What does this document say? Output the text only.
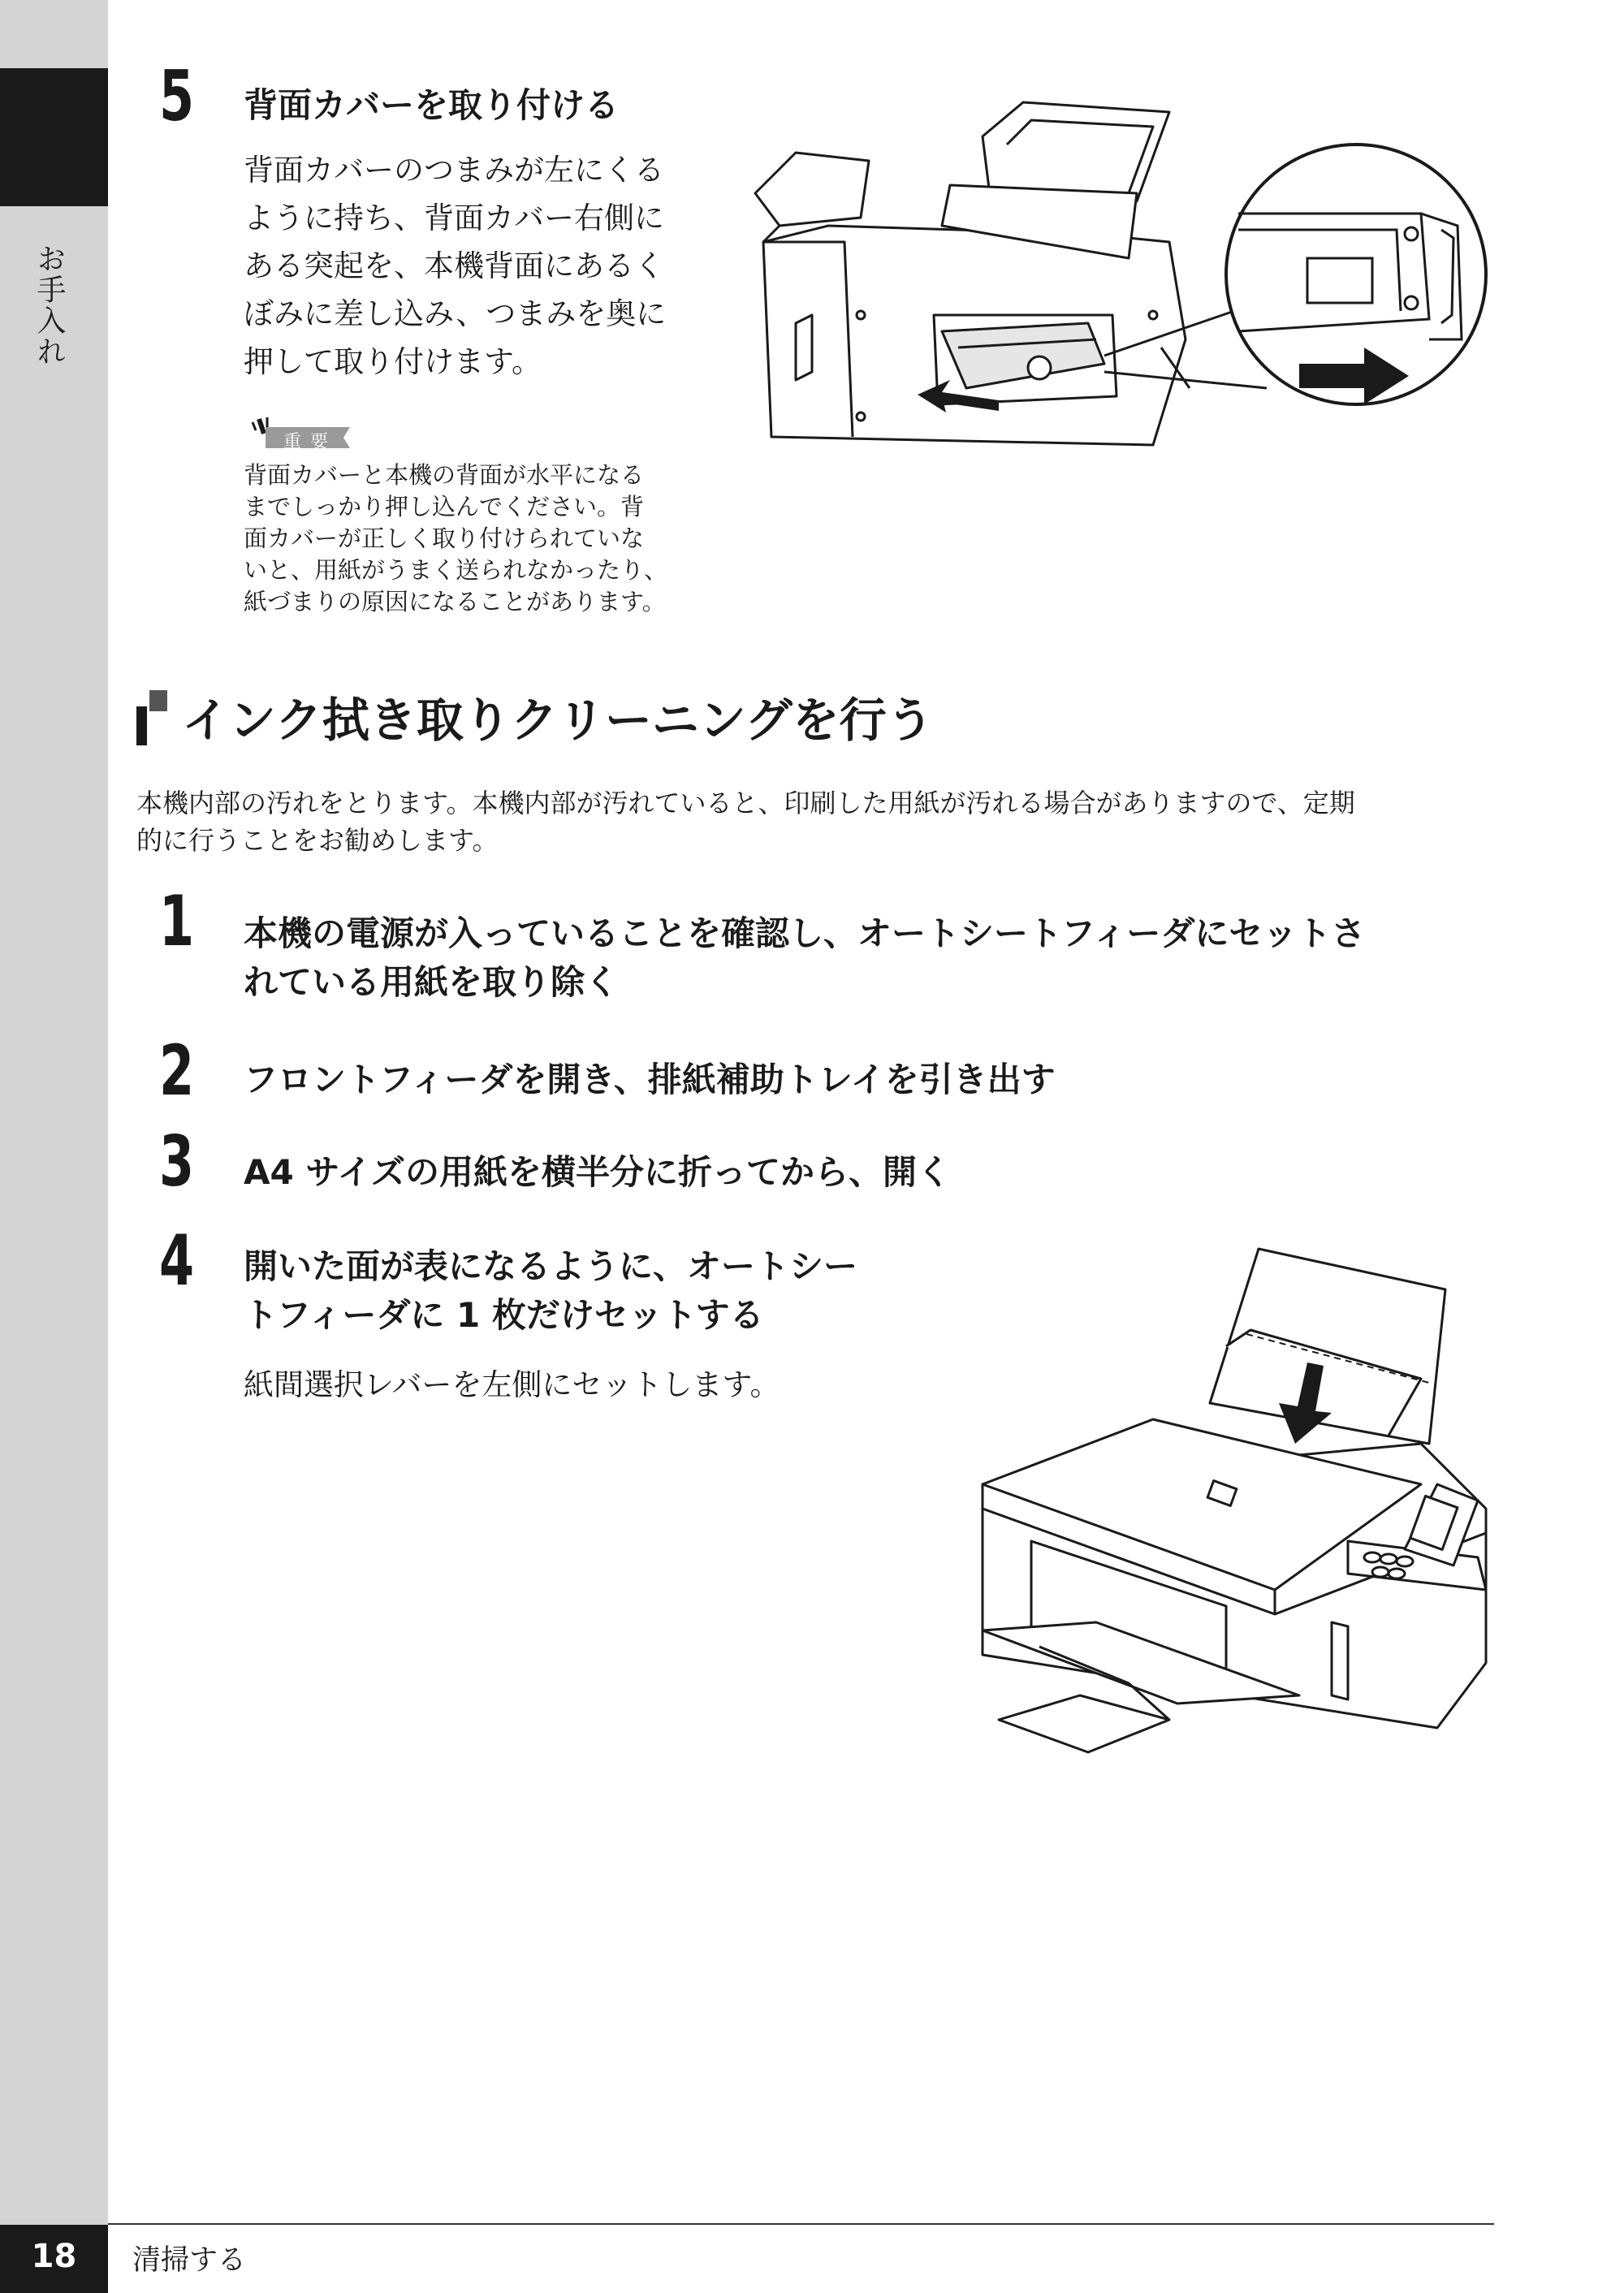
お手入れ
5 背面カバーを取り付ける
背面カバーのつまみが左にくる
ように持ち、背面カバー右側に
ある突起を、本機背面にあるく
ぼみに差し込み、つまみを奥に
押して取り付けます。
重 要
背面カバーと本機の背面が水平になる
までしっかり押し込んでください。背
面カバーが正しく取り付けられていな
いと、用紙がうまく送られなかったり、
紙づまりの原因になることがあります。
インク拭き取りクリーニングを行う
本機内部の汚れをとります。本機内部が汚れていると、印刷した用紙が汚れる場合がありますので、定期
的に行うことをお勧めします。
1 本機の電源が入っていることを確認し、オートシートフィーダにセットさ
れている用紙を取り除く
2 フロントフィーダを開き、排紙補助トレイを引き出す
3 A4 サイズの用紙を横半分に折ってから、開く
4 開いた面が表になるように、オートシー
トフィーダに 1 枚だけセットする
紙間選択レバーを左側にセットします。
18	清掃する
